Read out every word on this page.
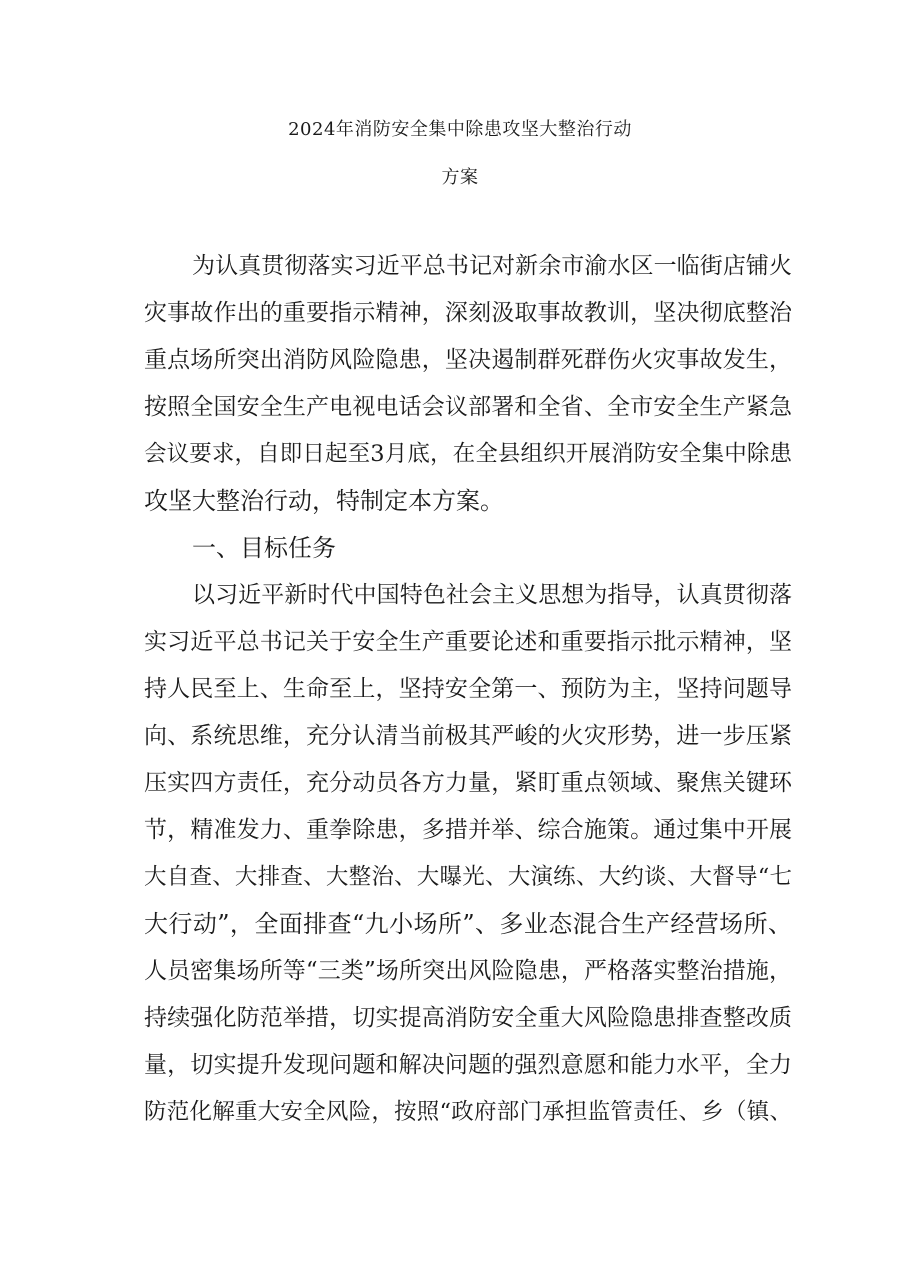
2024年消防安全集中除患攻坚大整治行动
方案
为认真贯彻落实习近平总书记对新余市渝水区一临街店铺火
灾事故作出的重要指示精神，深刻汲取事故教训，坚决彻底整治
重点场所突出消防风险隐患，坚决遏制群死群伤火灾事故发生，
按照全国安全生产电视电话会议部署和全省、全市安全生产紧急
会议要求，自即日起至3月底，在全县组织开展消防安全集中除患
攻坚大整治行动，特制定本方案。
一、目标任务
以习近平新时代中国特色社会主义思想为指导，认真贯彻落
实习近平总书记关于安全生产重要论述和重要指示批示精神，坚
持人民至上、生命至上，坚持安全第一、预防为主，坚持问题导
向、系统思维，充分认清当前极其严峻的火灾形势，进一步压紧
压实四方责任，充分动员各方力量，紧盯重点领域、聚焦关键环
节，精准发力、重拳除患，多措并举、综合施策。通过集中开展
大自查、大排查、大整治、大曝光、大演练、大约谈、大督导“七
大行动”，全面排查“九小场所”、多业态混合生产经营场所、
人员密集场所等“三类”场所突出风险隐患，严格落实整治措施，
持续强化防范举措，切实提高消防安全重大风险隐患排查整改质
量，切实提升发现问题和解决问题的强烈意愿和能力水平，全力
防范化解重大安全风险，按照“政府部门承担监管责任、乡（镇、
